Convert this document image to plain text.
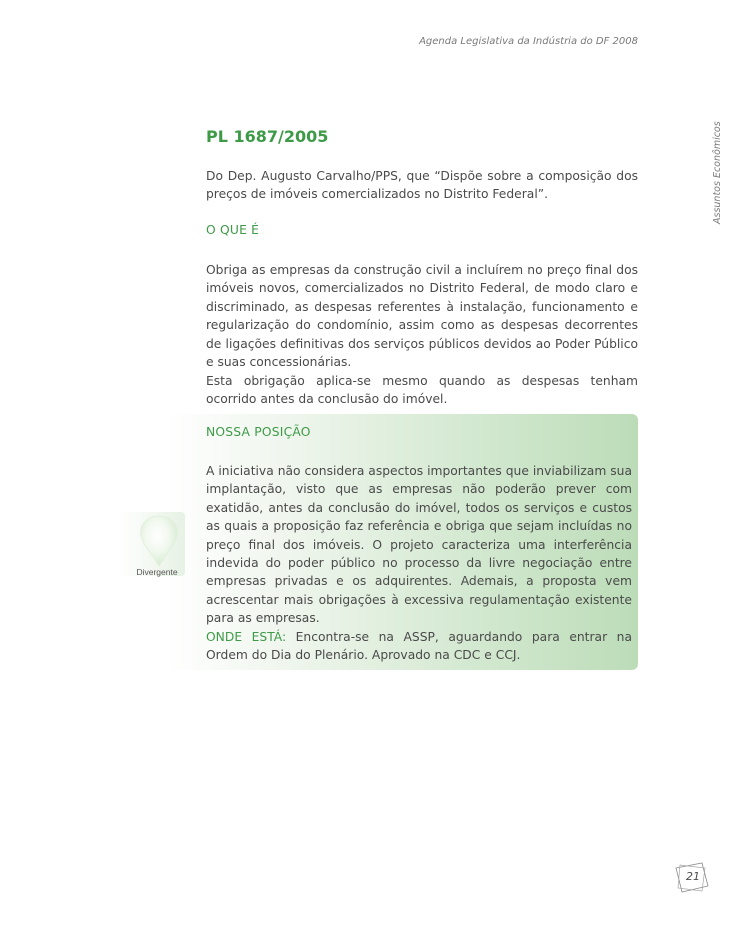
Agenda Legislativa da Indústria do DF 2008
Assuntos Econômicos
PL 1687/2005

Do Dep. Augusto Carvalho/PPS, que “Dispõe sobre a composição dos preços de imóveis comercializados no Distrito Federal”.

O QUE É

Obriga as empresas da construção civil a incluírem no preço final dos imóveis novos, comercializados no Distrito Federal, de modo claro e discriminado, as despesas referentes à instalação, funcionamento e regularização do condomínio, assim como as despesas decorrentes de ligações definitivas dos serviços públicos devidos ao Poder Público e suas concessionárias.

Esta obrigação aplica-se mesmo quando as despesas tenham ocorrido antes da conclusão do imóvel.

NOSSA POSIÇÃO

A iniciativa não considera aspectos importantes que inviabilizam sua implantação, visto que as empresas não poderão prever com exatidão, antes da conclusão do imóvel, todos os serviços e custos as quais a proposição faz referência e obriga que sejam incluídas no preço final dos imóveis. O projeto caracteriza uma interferência indevida do poder público no processo da livre negociação entre empresas privadas e os adquirentes. Ademais, a proposta vem acrescentar mais obrigações à excessiva regulamentação existente para as empresas.

ONDE ESTÁ: Encontra-se na ASSP, aguardando para entrar na Ordem do Dia do Plenário. Aprovado na CDC e CCJ.

Divergente
21
